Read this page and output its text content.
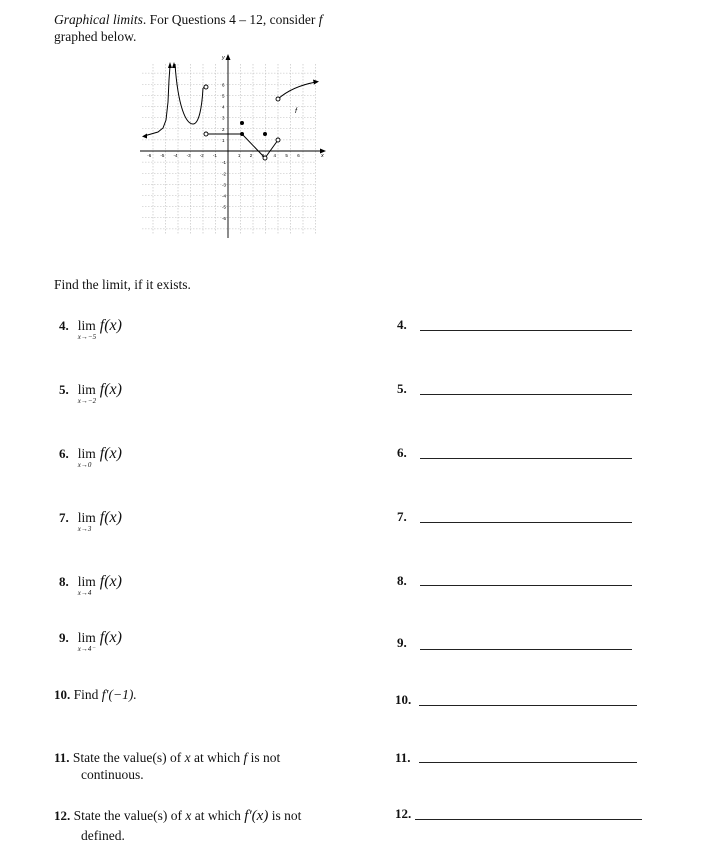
Graphical limits. For Questions 4 – 12, consider f
graphed below.
x
y
-6 -5 -4 -3 -2 -1	1 2	4 5 6
6
5
4
3
2
1
-1
-2
-3
-4
-5
-6
f
Find the limit, if it exists.
4. lim
x→−5
f(x)	4.
5. lim
x→−2
f(x)	5.
6. lim
x→0
f(x)	6.
7. lim
x→3
f(x)	7.
8. lim
x→4
f(x)	8.
9. lim
x→4⁻
f(x)	9.
10. Find f′(−1).	10.
11. State the value(s) of x at which f is not
continuous.
11.
12. State the value(s) of x at which f′(x) is not
defined.
12.
